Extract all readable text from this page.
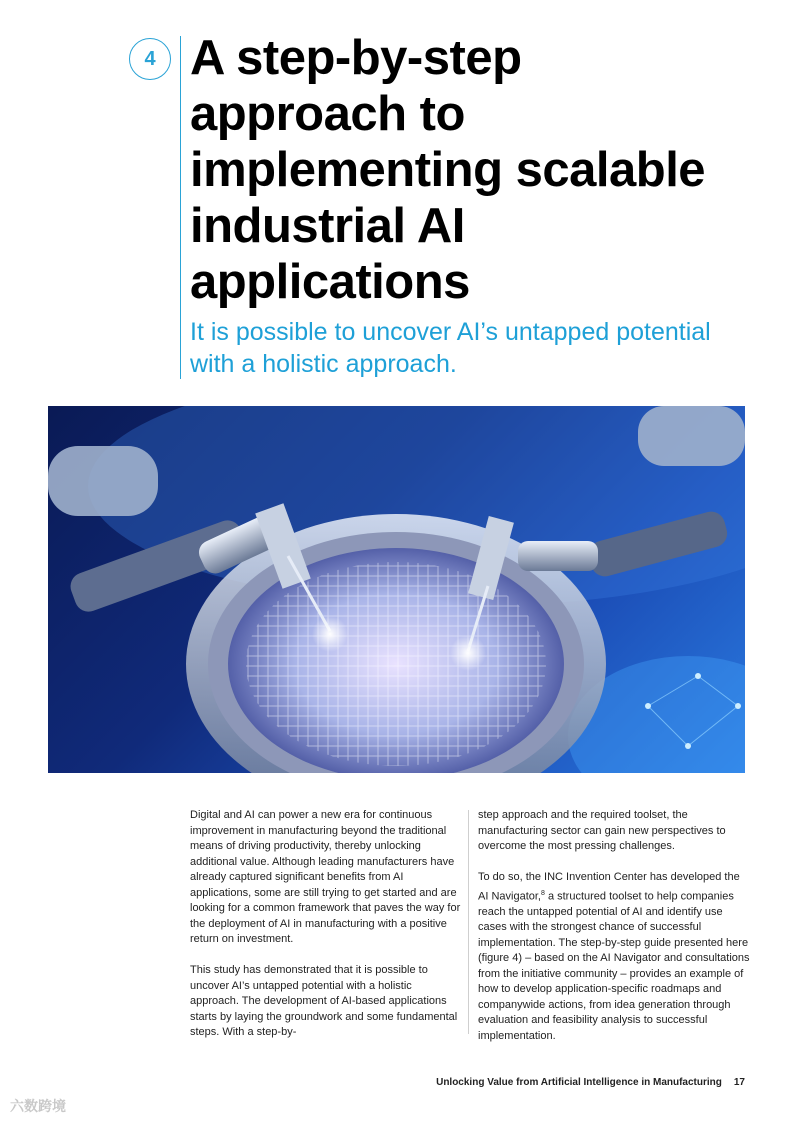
4 A step-by-step approach to implementing scalable industrial AI applications
It is possible to uncover AI’s untapped potential with a holistic approach.

Digital and AI can power a new era for continuous improvement in manufacturing beyond the traditional means of driving productivity, thereby unlocking additional value. Although leading manufacturers have already captured significant benefits from AI applications, some are still trying to get started and are looking for a common framework that paves the way for the deployment of AI in manufacturing with a positive return on investment.

This study has demonstrated that it is possible to uncover AI’s untapped potential with a holistic approach. The development of AI-based applications starts by laying the groundwork and some fundamental steps. With a step-by-

step approach and the required toolset, the manufacturing sector can gain new perspectives to overcome the most pressing challenges.

To do so, the INC Invention Center has developed the AI Navigator,$^8$ a structured toolset to help companies reach the untapped potential of AI and identify use cases with the strongest chance of successful implementation. The step-by-step guide presented here (figure 4) – based on the AI Navigator and consultations from the initiative community – provides an example of how to develop application-specific roadmaps and companywide actions, from idea generation through evaluation and feasibility analysis to successful implementation.

Unlocking Value from Artificial Intelligence in Manufacturing 17
六数跨境
